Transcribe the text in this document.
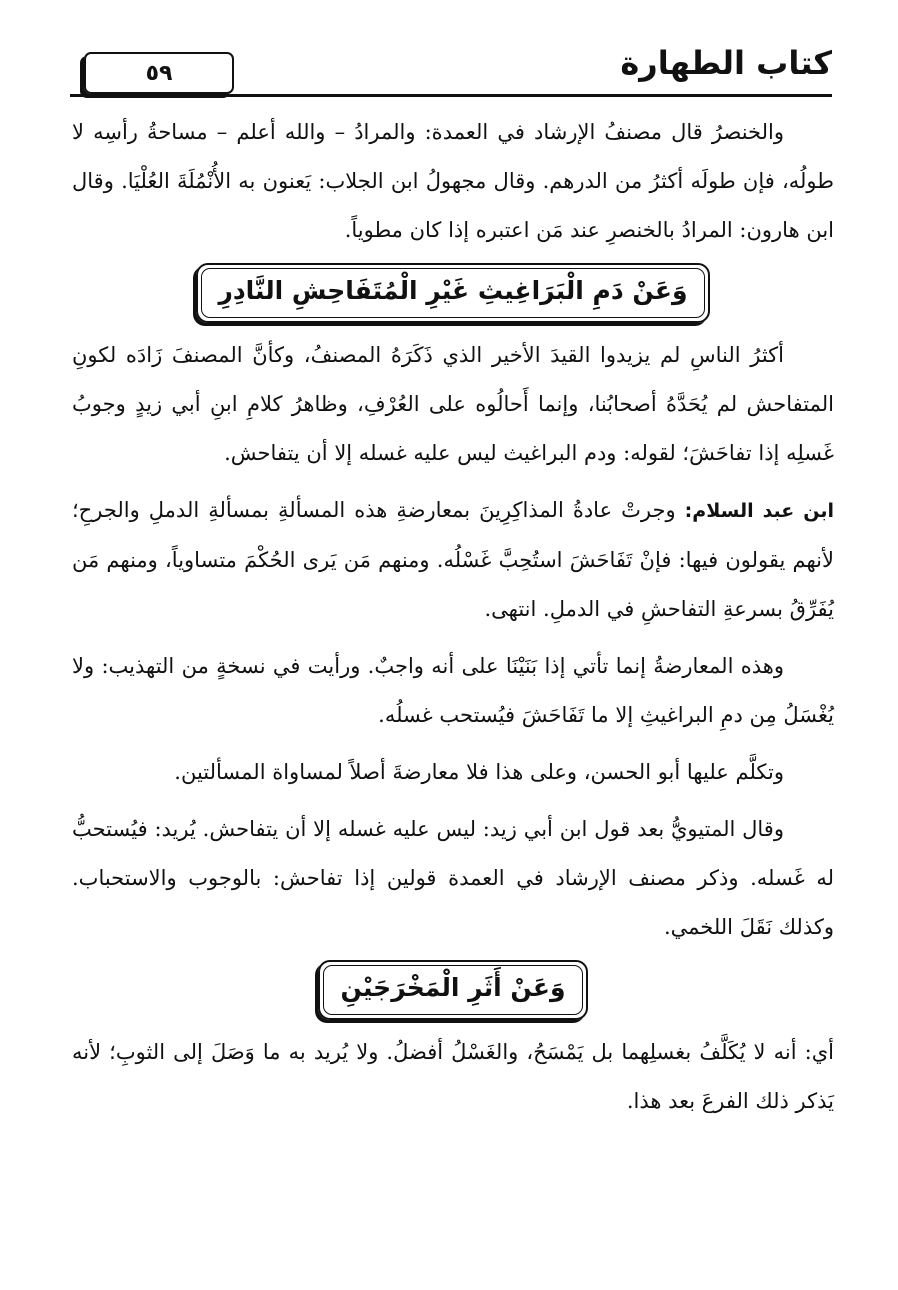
كتاب الطهارة
٥٩

والخنصرُ قال مصنفُ الإرشاد في العمدة: والمرادُ – والله أعلم – مساحةُ رأسِه لا طولُه، فإن طولَه أكثرُ من الدرهم. وقال مجهولُ ابن الجلاب: يَعنون به الأُنْمُلَةَ العُلْيَا. وقال ابن هارون: المرادُ بالخنصرِ عند مَن اعتبره إذا كان مطوياً.

وَعَنْ دَمِ الْبَرَاغِيثِ غَيْرِ الْمُتَفَاحِشِ النَّادِرِ

أكثرُ الناسِ لم يزيدوا القيدَ الأخير الذي ذَكَرَهُ المصنفُ، وكأنَّ المصنفَ زَادَه لكونِ المتفاحش لم يُحَدَّهُ أصحابُنا، وإنما أَحالُوه على العُرْفِ، وظاهرُ كلامِ ابنِ أبي زيدٍ وجوبُ غَسلِه إذا تفاحَشَ؛ لقوله: ودم البراغيث ليس عليه غسله إلا أن يتفاحش.

ابن عبد السلام: وجرتْ عادةُ المذاكِرِينَ بمعارضةِ هذه المسألةِ بمسألةِ الدملِ والجرحِ؛ لأنهم يقولون فيها: فإنْ تَفَاحَشَ استُحِبَّ غَسْلُه. ومنهم مَن يَرى الحُكْمَ متساوياً، ومنهم مَن يُفَرِّقُ بسرعةِ التفاحشِ في الدملِ. انتهى.

وهذه المعارضةُ إنما تأتي إذا بَنَيْنَا على أنه واجبٌ. ورأيت في نسخةٍ من التهذيب: ولا يُغْسَلُ مِن دمِ البراغيثِ إلا ما تَفَاحَشَ فيُستحب غسلُه.

وتكلَّم عليها أبو الحسن، وعلى هذا فلا معارضةَ أصلاً لمساواة المسألتين.

وقال المتيويُّ بعد قول ابن أبي زيد: ليس عليه غسله إلا أن يتفاحش. يُريد: فيُستحبُّ له غَسله. وذكر مصنف الإرشاد في العمدة قولين إذا تفاحش: بالوجوب والاستحباب. وكذلك نَقَلَ اللخمي.

وَعَنْ أَثَرِ الْمَخْرَجَيْنِ

أي: أنه لا يُكَلَّفُ بغسلِهما بل يَمْسَحُ، والغَسْلُ أفضلُ. ولا يُريد به ما وَصَلَ إلى الثوبِ؛ لأنه يَذكر ذلك الفرعَ بعد هذا.
